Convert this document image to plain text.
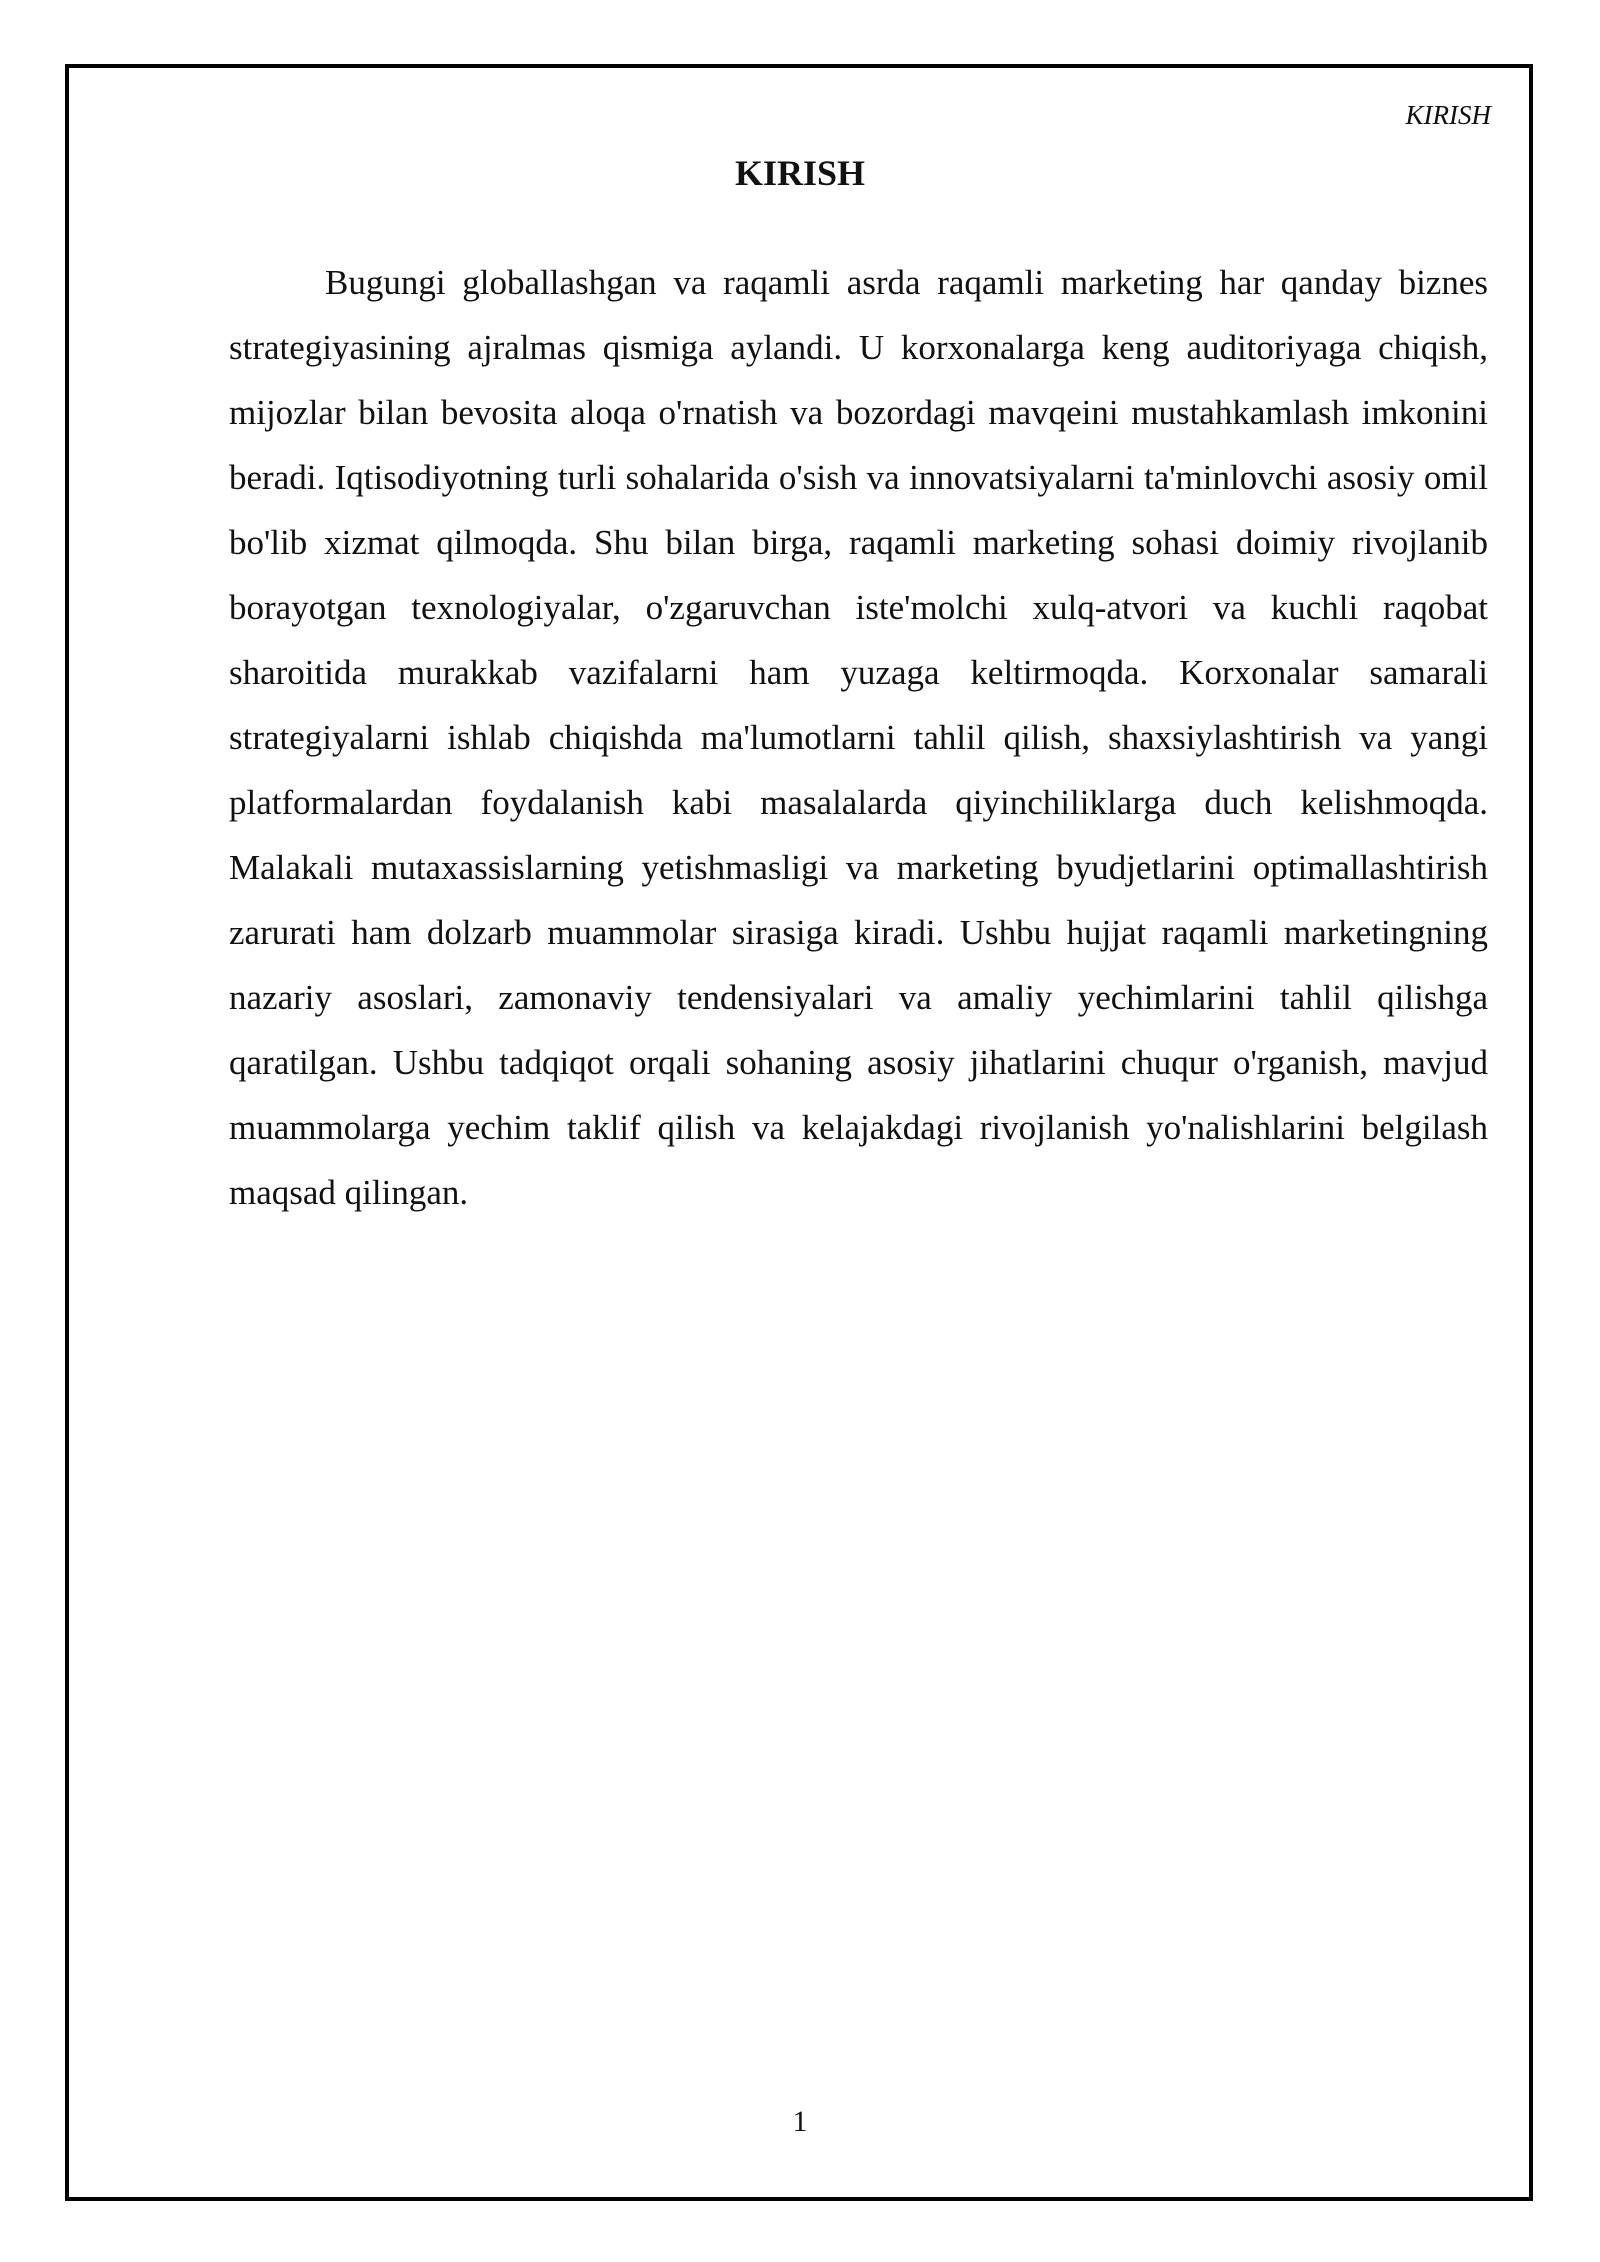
KIRISH
KIRISH

Bugungi globallashgan va raqamli asrda raqamli marketing har qanday biznes strategiyasining ajralmas qismiga aylandi. U korxonalarga keng auditoriyaga chiqish, mijozlar bilan bevosita aloqa o'rnatish va bozordagi mavqeini mustahkamlash imkonini beradi. Iqtisodiyotning turli sohalarida o'sish va innovatsiyalarni ta'minlovchi asosiy omil bo'lib xizmat qilmoqda. Shu bilan birga, raqamli marketing sohasi doimiy rivojlanib borayotgan texnologiyalar, o'zgaruvchan iste'molchi xulq-atvori va kuchli raqobat sharoitida murakkab vazifalarni ham yuzaga keltirmoqda. Korxonalar samarali strategiyalarni ishlab chiqishda ma'lumotlarni tahlil qilish, shaxsiylashtirish va yangi platformalardan foydalanish kabi masalalarda qiyinchiliklarga duch kelishmoqda. Malakali mutaxassislarning yetishmasligi va marketing byudjetlarini optimallashtirish zarurati ham dolzarb muammolar sirasiga kiradi. Ushbu hujjat raqamli marketingning nazariy asoslari, zamonaviy tendensiyalari va amaliy yechimlarini tahlil qilishga qaratilgan. Ushbu tadqiqot orqali sohaning asosiy jihatlarini chuqur o'rganish, mavjud muammolarga yechim taklif qilish va kelajakdagi rivojlanish yo'nalishlarini belgilash maqsad qilingan.

1
